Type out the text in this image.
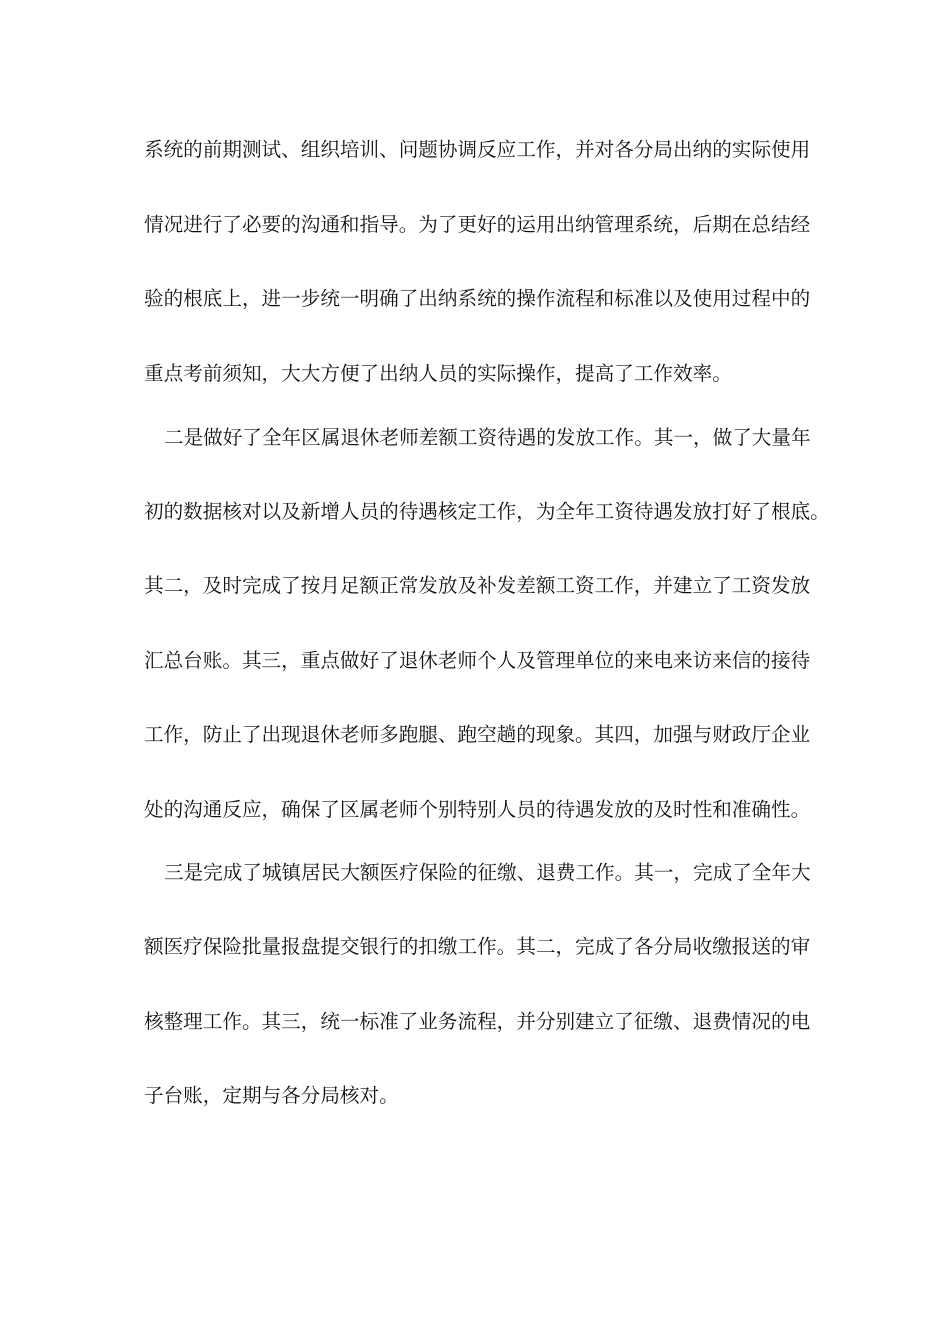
系统的前期测试、组织培训、问题协调反应工作，并对各分局出纳的实际使用
情况进行了必要的沟通和指导。为了更好的运用出纳管理系统，后期在总结经
验的根底上，进一步统一明确了出纳系统的操作流程和标准以及使用过程中的
重点考前须知，大大方便了出纳人员的实际操作，提高了工作效率。
二是做好了全年区属退休老师差额工资待遇的发放工作。其一，做了大量年
初的数据核对以及新增人员的待遇核定工作，为全年工资待遇发放打好了根底。
其二，及时完成了按月足额正常发放及补发差额工资工作，并建立了工资发放
汇总台账。其三，重点做好了退休老师个人及管理单位的来电来访来信的接待
工作，防止了出现退休老师多跑腿、跑空趟的现象。其四，加强与财政厅企业
处的沟通反应，确保了区属老师个别特别人员的待遇发放的及时性和准确性。
三是完成了城镇居民大额医疗保险的征缴、退费工作。其一，完成了全年大
额医疗保险批量报盘提交银行的扣缴工作。其二，完成了各分局收缴报送的审
核整理工作。其三，统一标准了业务流程，并分别建立了征缴、退费情况的电
子台账，定期与各分局核对。
